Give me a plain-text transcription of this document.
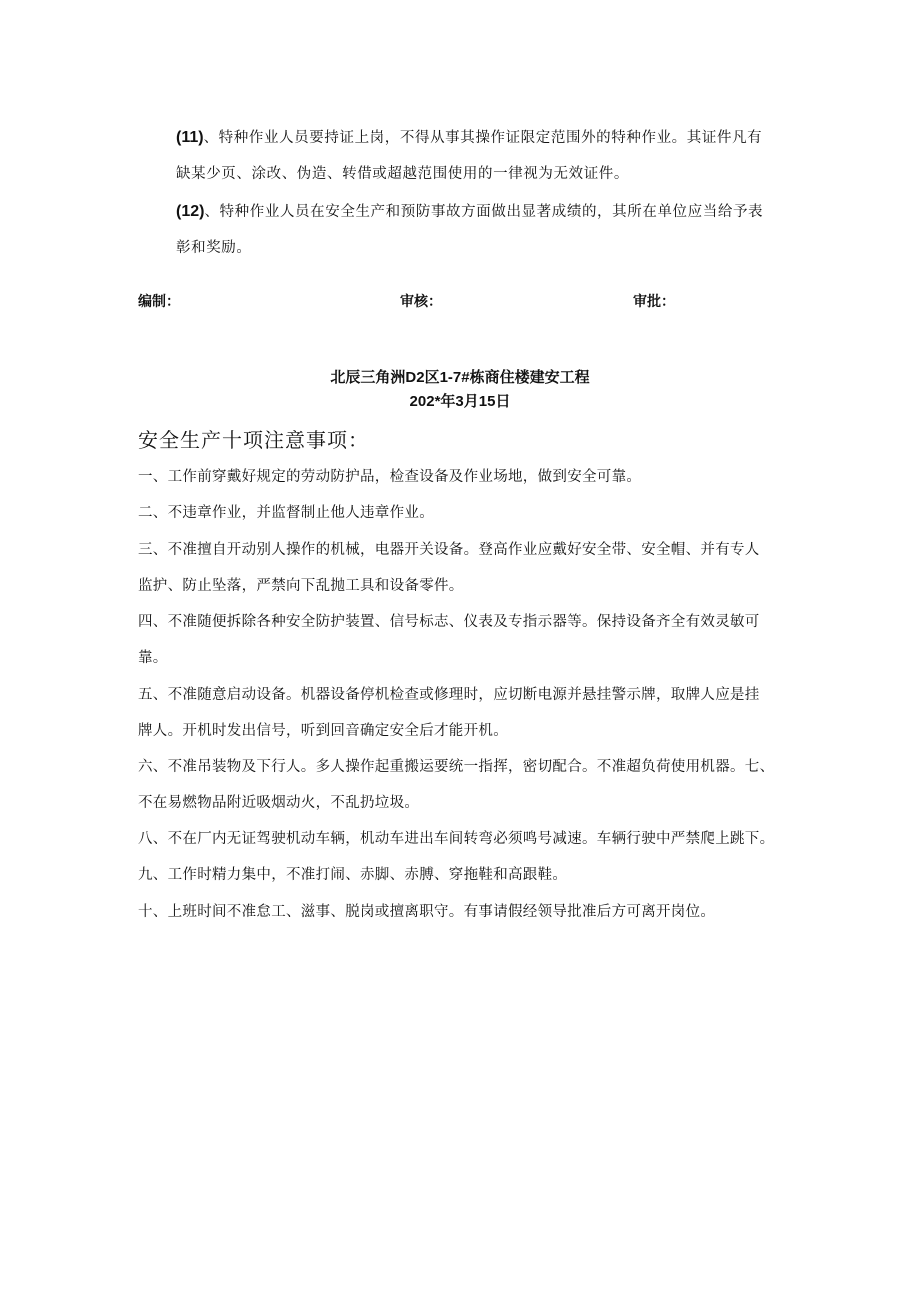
(11)、特种作业人员要持证上岗，不得从事其操作证限定范围外的特种作业。其证件凡有
缺某少页、涂改、伪造、转借或超越范围使用的一律视为无效证件。
(12)、特种作业人员在安全生产和预防事故方面做出显著成绩的，其所在单位应当给予表
彰和奖励。
编制：	审核：	审批：
北辰三角洲D2区1-7#栋商住楼建安工程
202*年3月15日
安全生产十项注意事项：
一、工作前穿戴好规定的劳动防护品，检查设备及作业场地，做到安全可靠。
二、不违章作业，并监督制止他人违章作业。
三、不准擅自开动别人操作的机械，电器开关设备。登高作业应戴好安全带、安全帽、并有专人
监护、防止坠落，严禁向下乱抛工具和设备零件。
四、不准随便拆除各种安全防护装置、信号标志、仪表及专指示器等。保持设备齐全有效灵敏可
靠。
五、不准随意启动设备。机器设备停机检查或修理时，应切断电源并悬挂警示牌，取牌人应是挂
牌人。开机时发出信号，听到回音确定安全后才能开机。
六、不准吊装物及下行人。多人操作起重搬运要统一指挥，密切配合。不准超负荷使用机器。七、
不在易燃物品附近吸烟动火，不乱扔垃圾。
八、不在厂内无证驾驶机动车辆，机动车进出车间转弯必须鸣号减速。车辆行驶中严禁爬上跳下。
九、工作时精力集中，不准打闹、赤脚、赤膊、穿拖鞋和高跟鞋。
十、上班时间不准怠工、滋事、脱岗或擅离职守。有事请假经领导批准后方可离开岗位。
